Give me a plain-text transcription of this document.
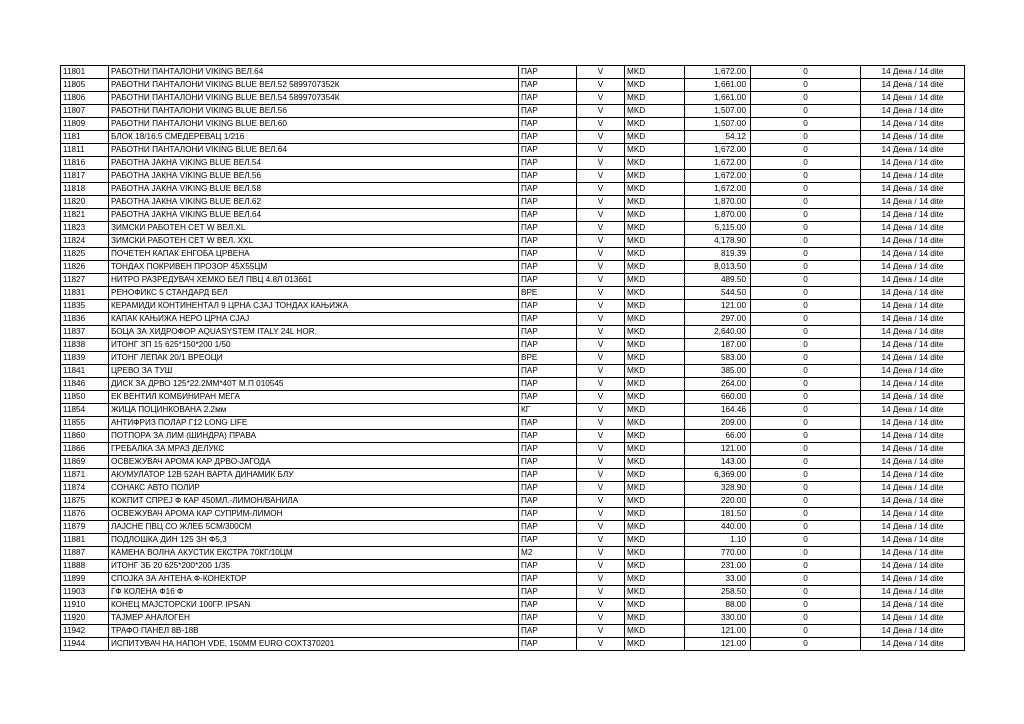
11801	РАБОТНИ ПАНТАЛОНИ VIKING ВЕЛ.64	ПАР	V	MKD	1,672.00	0	14 Дена / 14 dite
11805	РАБОТНИ ПАНТАЛОНИ VIKING BLUE ВЕЛ.52 5899707352К	ПАР	V	MKD	1,661.00	0	14 Дена / 14 dite
11806	РАБОТНИ ПАНТАЛОНИ VIKING BLUE ВЕЛ.54 5899707354К	ПАР	V	MKD	1,661.00	0	14 Дена / 14 dite
11807	РАБОТНИ ПАНТАЛОНИ VIKING BLUE ВЕЛ.56	ПАР	V	MKD	1,507.00	0	14 Дена / 14 dite
11809	РАБОТНИ ПАНТАЛОНИ VIKING BLUE ВЕЛ.60	ПАР	V	MKD	1,507.00	0	14 Дена / 14 dite
1181	БЛОК 18/16.5 СМЕДЕРЕВАЦ 1/216	ПАР	V	MKD	54.12	0	14 Дена / 14 dite
11811	РАБОТНИ ПАНТАЛОНИ VIKING BLUE ВЕЛ.64	ПАР	V	MKD	1,672.00	0	14 Дена / 14 dite
11816	РАБОТНА ЈАКНА VIKING BLUE ВЕЛ.54	ПАР	V	MKD	1,672.00	0	14 Дена / 14 dite
11817	РАБОТНА ЈАКНА VIKING BLUE ВЕЛ.56	ПАР	V	MKD	1,672.00	0	14 Дена / 14 dite
11818	РАБОТНА ЈАКНА VIKING BLUE ВЕЛ.58	ПАР	V	MKD	1,672.00	0	14 Дена / 14 dite
11820	РАБОТНА ЈАКНА VIKING BLUE ВЕЛ.62	ПАР	V	MKD	1,870.00	0	14 Дена / 14 dite
11821	РАБОТНА ЈАКНА VIKING BLUE ВЕЛ.64	ПАР	V	MKD	1,870.00	0	14 Дена / 14 dite
11823	ЗИМСКИ РАБОТЕН СЕТ W ВЕЛ.XL	ПАР	V	MKD	5,115.00	0	14 Дена / 14 dite
11824	ЗИМСКИ РАБОТЕН СЕТ W ВЕЛ. XXL	ПАР	V	MKD	4,178.90	0	14 Дена / 14 dite
11825	ПОЧЕТЕН КАПАК ЕНГОБА ЦРВЕНА	ПАР	V	MKD	819.39	0	14 Дена / 14 dite
11826	ТОНДАХ ПОКРИВЕН ПРОЗОР 45X55ЦМ	ПАР	V	MKD	8,013.50	0	14 Дена / 14 dite
11827	НИТРО РАЗРЕДУВАЧ ХЕМКО БЕЛ ПВЦ 4.8Л 013661	ПАР	V	MKD	489.50	0	14 Дена / 14 dite
11831	РЕНОФИКС 5 СТАНДАРД БЕЛ	ВРЕ	V	MKD	544.50	0	14 Дена / 14 dite
11835	КЕРАМИДИ КОНТИНЕНТАЛ 9 ЦРНА СЈАЈ ТОНДАХ КАЊИЖА	ПАР	V	MKD	121.00	0	14 Дена / 14 dite
11836	КАПАК КАЊИЖА НЕРО ЦРНА СЈАЈ	ПАР	V	MKD	297.00	0	14 Дена / 14 dite
11837	БОЦА ЗА ХИДРОФОР AQUASYSTEM ITALY 24L HOR.	ПАР	V	MKD	2,640.00	0	14 Дена / 14 dite
11838	ИТОНГ ЗП 15 625*150*200 1/50	ПАР	V	MKD	187.00	0	14 Дена / 14 dite
11839	ИТОНГ ЛЕПАК 20/1 ВРЕОЦИ	ВРЕ	V	MKD	583.00	0	14 Дена / 14 dite
11841	ЦРЕВО ЗА ТУШ	ПАР	V	MKD	385.00	0	14 Дена / 14 dite
11846	ДИСК ЗА ДРВО 125*22.2ММ*40Т М.П 010545	ПАР	V	MKD	264.00	0	14 Дена / 14 dite
11850	ЕК ВЕНТИЛ КОМБИНИРАН МЕГА	ПАР	V	MKD	660.00	0	14 Дена / 14 dite
11854	ЖИЦА ПОЦИНКОВАНА 2.2мм	КГ	V	MKD	164.46	0	14 Дена / 14 dite
11855	АНТИФРИЗ ПОЛАР Г12 LONG LIFE	ПАР	V	MKD	209.00	0	14 Дена / 14 dite
11860	ПОТПОРА ЗА ЛИМ (ШИНДРА) ПРАВА	ПАР	V	MKD	66.00	0	14 Дена / 14 dite
11866	ГРЕБАЛКА ЗА МРАЗ ДЕЛУКС	ПАР	V	MKD	121.00	0	14 Дена / 14 dite
11869	ОСВЕЖУВАЧ АРОМА КАР ДРВО-ЈАГОДА	ПАР	V	MKD	143.00	0	14 Дена / 14 dite
11871	АКУМУЛАТОР 12В 52АН ВАРТА ДИНАМИК БЛУ	ПАР	V	MKD	6,369.00	0	14 Дена / 14 dite
11874	СОНАКС АВТО ПОЛИР	ПАР	V	MKD	328.90	0	14 Дена / 14 dite
11875	КОКПИТ СПРЕЈ Ф КАР 450МЛ.-ЛИМОН/ВАНИЛА	ПАР	V	MKD	220.00	0	14 Дена / 14 dite
11876	ОСВЕЖУВАЧ АРОМА КАР СУПРИМ-ЛИМОН	ПАР	V	MKD	181.50	0	14 Дена / 14 dite
11879	ЛАЈСНЕ ПВЦ СО ЖЛЕБ 5СМ/300СМ	ПАР	V	MKD	440.00	0	14 Дена / 14 dite
11881	ПОДЛОШКА ДИН 125 ЗН Ф5,3	ПАР	V	MKD	1.10	0	14 Дена / 14 dite
11887	КАМЕНА ВОЛНА АКУСТИК ЕКСТРА 70КГ/10ЦМ	М2	V	MKD	770.00	0	14 Дена / 14 dite
11888	ИТОНГ ЗБ 20 625*200*200 1/35	ПАР	V	MKD	231.00	0	14 Дена / 14 dite
11899	СПОЈКА ЗА АНТЕНА Ф-КОНЕКТОР	ПАР	V	MKD	33.00	0	14 Дена / 14 dite
11903	ГФ КОЛЕНА Ф16 Ф	ПАР	V	MKD	258.50	0	14 Дена / 14 dite
11910	КОНЕЦ МАЈСТОРСКИ 100ГР. IPSAN	ПАР	V	MKD	88.00	0	14 Дена / 14 dite
11920	ТАЈМЕР АНАЛОГЕН	ПАР	V	MKD	330.00	0	14 Дена / 14 dite
11942	ТРАФО ПАНЕЛ 8В-18В	ПАР	V	MKD	121.00	0	14 Дена / 14 dite
11944	ИСПИТУВАЧ НА НАПОН VDE, 150ММ EURO СОХТ370201	ПАР	V	MKD	121.00	0	14 Дена / 14 dite
